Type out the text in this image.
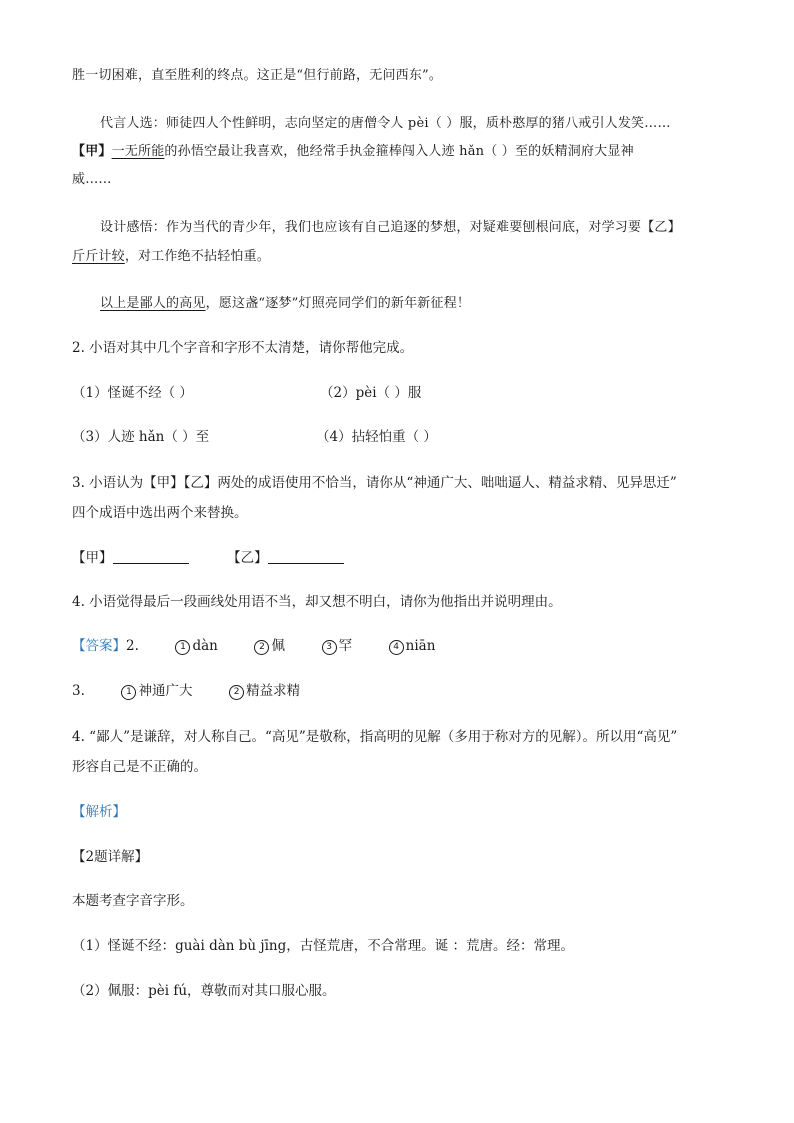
胜一切困难，直至胜利的终点。这正是“但行前路，无问西东”。
代言人选：师徒四人个性鲜明，志向坚定的唐僧令人 pèi（ ）服，质朴憨厚的猪八戒引人发笑……
【甲】一无所能的孙悟空最让我喜欢，他经常手执金箍棒闯入人迹 hǎn（ ）至的妖精洞府大显神
威……
设计感悟：作为当代的青少年，我们也应该有自己追逐的梦想，对疑难要刨根问底，对学习要【乙】
斤斤计较，对工作绝不拈轻怕重。
以上是鄙人的高见，愿这盏“逐梦”灯照亮同学们的新年新征程！
2. 小语对其中几个字音和字形不太清楚，请你帮他完成。
（1）怪诞不经（ ）	（2）pèi（ ）服
（3）人迹 hǎn（ ）至	（4）拈轻怕重（ ）
3. 小语认为【甲】【乙】两处的成语使用不恰当，请你从“神通广大、咄咄逼人、精益求精、见异思迁”
四个成语中选出两个来替换。
【甲】	【乙】
4. 小语觉得最后一段画线处用语不当，却又想不明白，请你为他指出并说明理由。
【答案】2.	1 dàn	2 佩	3 罕	4 niān
3.	1 神通广大	2 精益求精
4. “鄙人”是谦辞，对人称自己。“高见”是敬称，指高明的见解（多用于称对方的见解）。所以用“高见”
形容自己是不正确的。
【解析】
【2题详解】
本题考查字音字形。
（1）怪诞不经：guài dàn bù jīng，古怪荒唐，不合常理。诞 ：荒唐。经：常理。
（2）佩服：pèi fú，尊敬而对其口服心服。
